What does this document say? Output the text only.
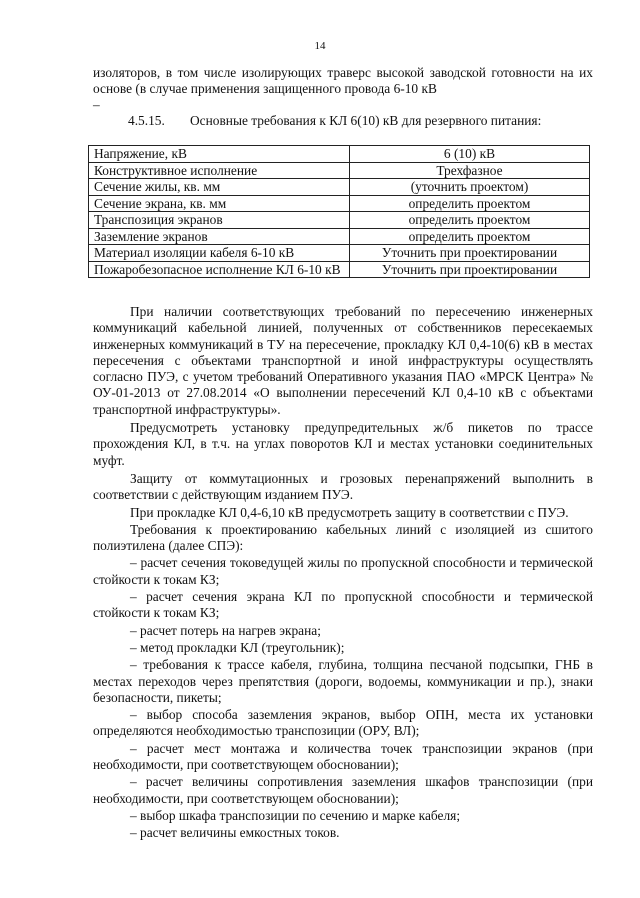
14

изоляторов, в том числе изолирующих траверс высокой заводской готовности на их основе (в случае применения защищенного провода 6-10 кВ

–
4.5.15. Основные требования к КЛ 6(10) кВ для резервного питания:
Напряжение, кВ	6 (10) кВ
Конструктивное исполнение	Трехфазное
Сечение жилы, кв. мм	(уточнить проектом)
Сечение экрана, кв. мм	определить проектом
Транспозиция экранов	определить проектом
Заземление экранов	определить проектом
Материал изоляции кабеля 6-10 кВ	Уточнить при проектировании
Пожаробезопасное исполнение КЛ 6-10 кВ	Уточнить при проектировании

При наличии соответствующих требований по пересечению инженерных коммуникаций кабельной линией, полученных от собственников пересекаемых инженерных коммуникаций в ТУ на пересечение, прокладку КЛ 0,4-10(6) кВ в местах пересечения с объектами транспортной и иной инфраструктуры осуществлять согласно ПУЭ, с учетом требований Оперативного указания ПАО «МРСК Центра» № ОУ-01-2013 от 27.08.2014 «О выполнении пересечений КЛ 0,4-10 кВ с объектами транспортной инфраструктуры».

Предусмотреть установку предупредительных ж/б пикетов по трассе прохождения КЛ, в т.ч. на углах поворотов КЛ и местах установки соединительных муфт.

Защиту от коммутационных и грозовых перенапряжений выполнить в соответствии с действующим изданием ПУЭ.

При прокладке КЛ 0,4-6,10 кВ предусмотреть защиту в соответствии с ПУЭ.

Требования к проектированию кабельных линий с изоляцией из сшитого полиэтилена (далее СПЭ):

– расчет сечения токоведущей жилы по пропускной способности и термической стойкости к токам КЗ;

– расчет сечения экрана КЛ по пропускной способности и термической стойкости к токам КЗ;

– расчет потерь на нагрев экрана;

– метод прокладки КЛ (треугольник);

– требования к трассе кабеля, глубина, толщина песчаной подсыпки, ГНБ в местах переходов через препятствия (дороги, водоемы, коммуникации и пр.), знаки безопасности, пикеты;

– выбор способа заземления экранов, выбор ОПН, места их установки определяются необходимостью транспозиции (ОРУ, ВЛ);

– расчет мест монтажа и количества точек транспозиции экранов (при необходимости, при соответствующем обосновании);

– расчет величины сопротивления заземления шкафов транспозиции (при необходимости, при соответствующем обосновании);

– выбор шкафа транспозиции по сечению и марке кабеля;

– расчет величины емкостных токов.
